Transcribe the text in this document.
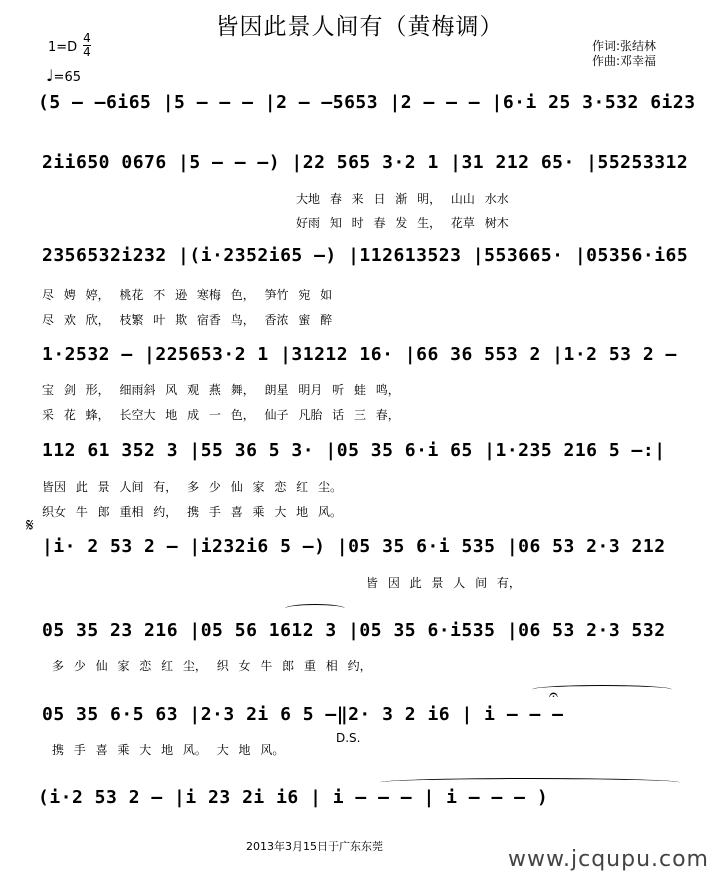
皆因此景人间有（黄梅调）
1=D
4
4
♩=65
作词:张结林
作曲:邓幸福
(5 – –6i65 |5 – – – |2 – –5653 |2 – – – |6·i 25 3·532 6i23
2ii650 0676 |5 – – –) |22 565 3·2 1 |31 212 65· |55253312
大地 春 来 日 渐 明， 山山 水水
好雨 知 时 春 发 生， 花草 树木
2356532i232 |(i·2352i65 –) |112613523 |553665· |05356·i65
尽 娉 婷， 桃花 不 逊 寒梅 色， 笋竹 宛 如
尽 欢 欣， 枝繁 叶 欺 宿香 鸟， 香浓 蜜 醉
1·2532 – |225653·2 1 |31212 16· |66 36 553 2 |1·2 53 2 –
宝 剑 形， 细雨斜 风 观 燕 舞， 朗星 明月 听 蛙 鸣，
采 花 蜂， 长空大 地 成 一 色， 仙子 凡胎 话 三 春，
112 61 352 3 |55 36 5 3· |05 35 6·i 65 |1·235 216 5 –:|
皆因 此 景 人间 有， 多 少 仙 家 恋 红 尘。
织女 牛 郎 重相 约， 携 手 喜 乘 大 地 风。
𝄋
|i· 2 53 2 – |i232i6 5 –) |05 35 6·i 535 |06 53 2·3 212
皆 因 此 景 人 间 有，
05 35 23 216 |05 56 1612 3 |05 35 6·i535 |06 53 2·3 532
多 少 仙 家 恋 红 尘， 织 女 牛 郎 重 相 约，
𝄐
05 35 6·5 63 |2·3 2i 6 5 –‖2· 3 2 i6 | i – – –
D.S.
携 手 喜 乘 大 地 风。 大 地 风。
(i·2 53 2 – |i 23 2i i6 | i – – – | i – – – )
2013年3月15日于广东东莞
www.jcqupu.com
